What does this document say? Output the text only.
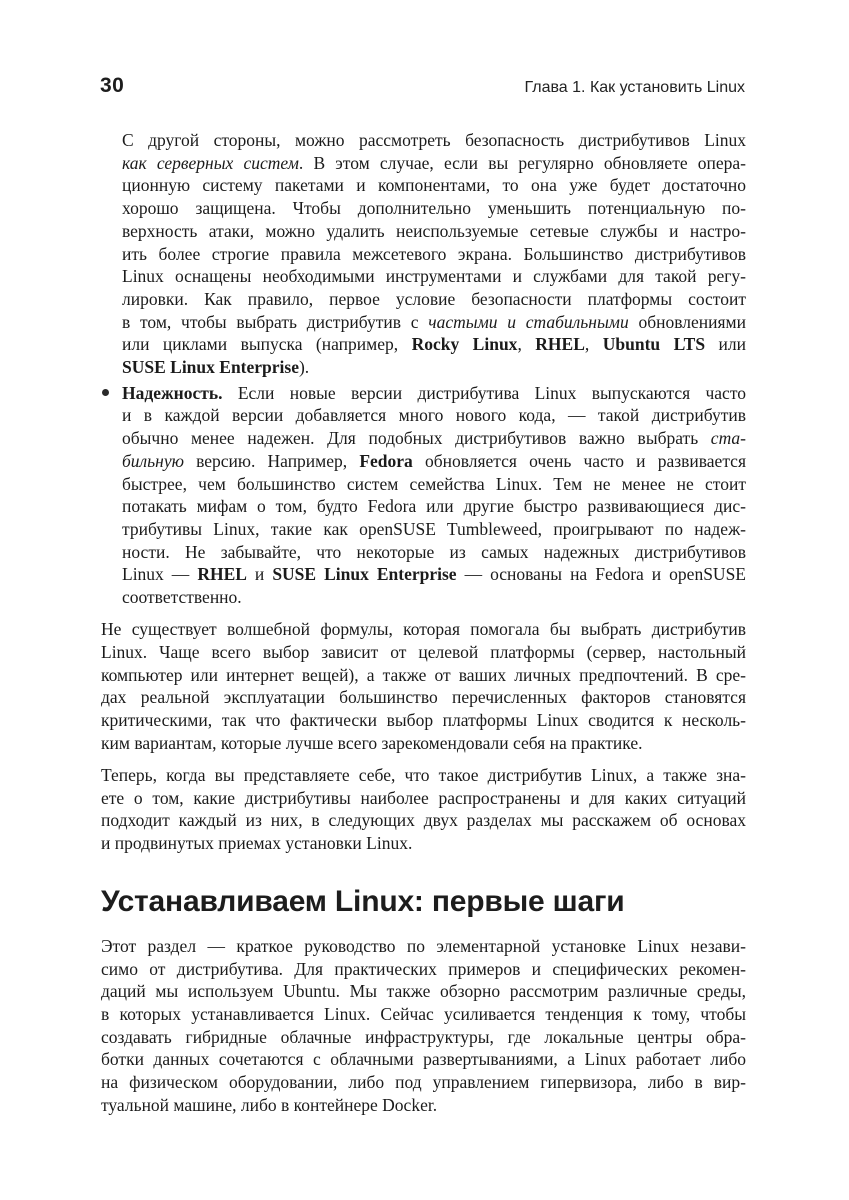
30	Глава 1. Как установить Linux
С другой стороны, можно рассмотреть безопасность дистрибутивов Linux
как серверных систем. В этом случае, если вы регулярно обновляете опера-
ционную систему пакетами и компонентами, то она уже будет достаточно
хорошо защищена. Чтобы дополнительно уменьшить потенциальную по-
верхность атаки, можно удалить неиспользуемые сетевые службы и настро-
ить более строгие правила межсетевого экрана. Большинство дистрибутивов
Linux оснащены необходимыми инструментами и службами для такой регу-
лировки. Как правило, первое условие безопасности платформы состоит
в том, чтобы выбрать дистрибутив с частыми и стабильными обновлениями
или циклами выпуска (например, Rocky Linux, RHEL, Ubuntu LTS или
SUSE Linux Enterprise).
Надежность. Если новые версии дистрибутива Linux выпускаются часто
и в каждой версии добавляется много нового кода, — такой дистрибутив
обычно менее надежен. Для подобных дистрибутивов важно выбрать ста-
бильную версию. Например, Fedora обновляется очень часто и развивается
быстрее, чем большинство систем семейства Linux. Тем не менее не стоит
потакать мифам о том, будто Fedora или другие быстро развивающиеся дис-
трибутивы Linux, такие как openSUSE Tumbleweed, проигрывают по надеж-
ности. Не забывайте, что некоторые из самых надежных дистрибутивов
Linux — RHEL и SUSE Linux Enterprise — основаны на Fedora и openSUSE
соответственно.
Не существует волшебной формулы, которая помогала бы выбрать дистрибутив
Linux. Чаще всего выбор зависит от целевой платформы (сервер, настольный
компьютер или интернет вещей), а также от ваших личных предпочтений. В сре-
дах реальной эксплуатации большинство перечисленных факторов становятся
критическими, так что фактически выбор платформы Linux сводится к несколь-
ким вариантам, которые лучше всего зарекомендовали себя на практике.
Теперь, когда вы представляете себе, что такое дистрибутив Linux, а также зна-
ете о том, какие дистрибутивы наиболее распространены и для каких ситуаций
подходит каждый из них, в следующих двух разделах мы расскажем об основах
и продвинутых приемах установки Linux.
Устанавливаем Linux: первые шаги
Этот раздел — краткое руководство по элементарной установке Linux незави-
симо от дистрибутива. Для практических примеров и специфических рекомен-
даций мы используем Ubuntu. Мы также обзорно рассмотрим различные среды,
в которых устанавливается Linux. Сейчас усиливается тенденция к тому, чтобы
создавать гибридные облачные инфраструктуры, где локальные центры обра-
ботки данных сочетаются с облачными развертываниями, а Linux работает либо
на физическом оборудовании, либо под управлением гипервизора, либо в вир-
туальной машине, либо в контейнере Docker.
